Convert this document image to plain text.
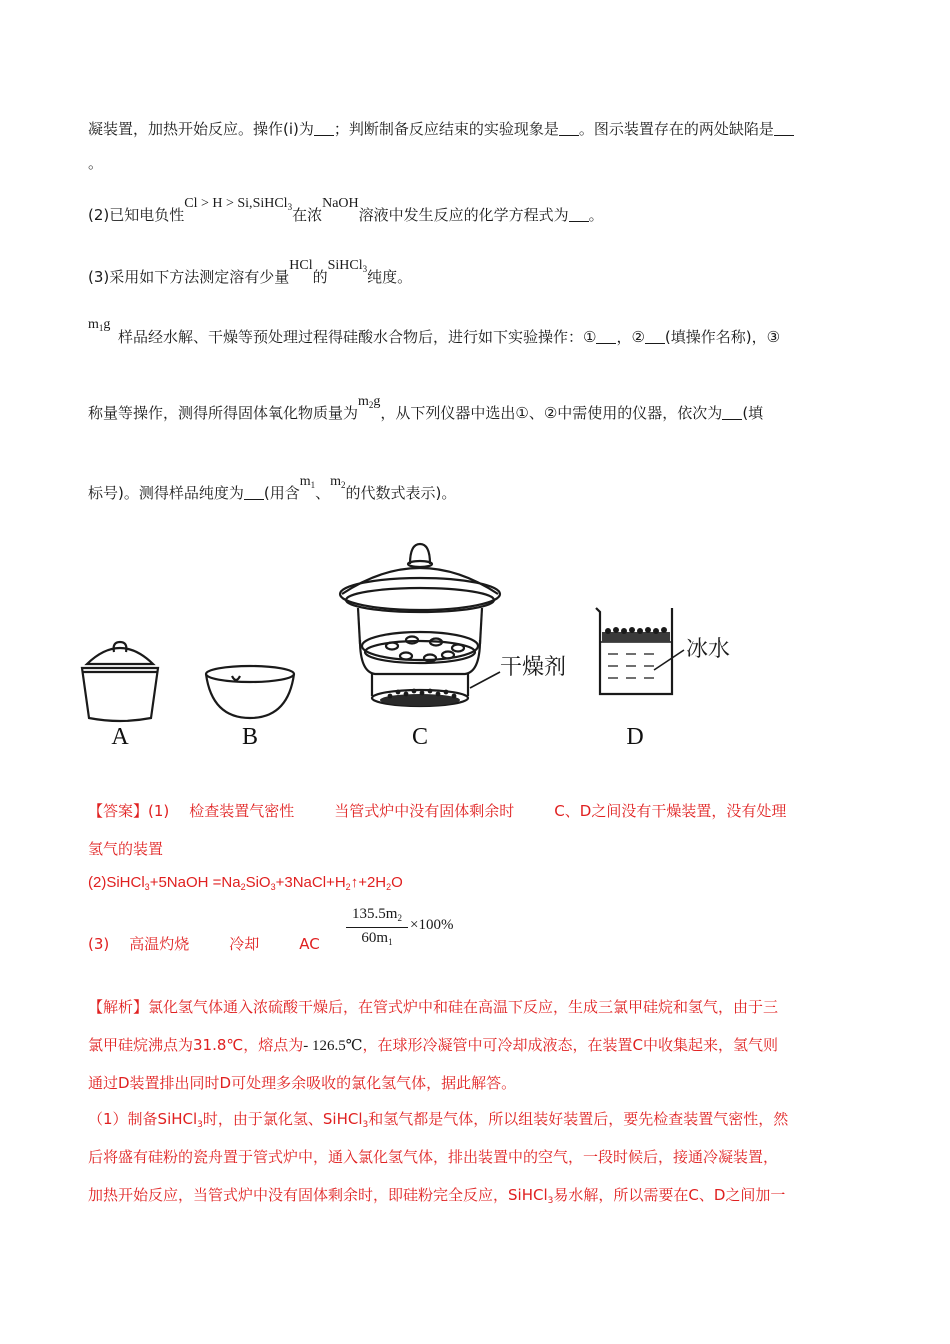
凝装置，加热开始反应。操作(ⅰ)为 ；判断制备反应结束的实验现象是 。图示装置存在的两处缺陷是
。
(2)已知电负性Cl > H > Si,SiHCl$_3$在浓NaOH溶液中发生反应的化学方程式为 。
(3)采用如下方法测定溶有少量HCl的SiHCl$_3$纯度。
$m_1g$
样品经水解、干燥等预处理过程得硅酸水合物后，进行如下实验操作：① ，② (填操作名称)，③
称量等操作，测得所得固体氧化物质量为$m_2g$，从下列仪器中选出①、②中需使用的仪器，依次为 (填
标号)。测得样品纯度为 (用含$m_1$、$m_2$的代数式表示)。
A	B	C	D
干燥剂
冰水
【答案】(1) 检查装置气密性	当管式炉中没有固体剩余时	C、D之间没有干燥装置，没有处理
氢气的装置
(2)SiHCl$_3$+5NaOH $=Na_2SiO_3+3NaCl+H_2↑+2H_2O$
(3) 高温灼烧	冷却	AC
$135.5m_2$
$60m_1$
×100%
【解析】氯化氢气体通入浓硫酸干燥后，在管式炉中和硅在高温下反应，生成三氯甲硅烷和氢气，由于三
氯甲硅烷沸点为31.8℃，熔点为- 126.5℃，在球形冷凝管中可冷却成液态，在装置C中收集起来，氢气则
通过D装置排出同时D可处理多余吸收的氯化氢气体，据此解答。
（1）制备SiHCl$_3$时，由于氯化氢、SiHCl$_3$和氢气都是气体，所以组装好装置后，要先检查装置气密性，然
后将盛有硅粉的瓷舟置于管式炉中，通入氯化氢气体，排出装置中的空气，一段时候后，接通冷凝装置，
加热开始反应，当管式炉中没有固体剩余时，即硅粉完全反应，SiHCl$_3$易水解，所以需要在C、D之间加一
